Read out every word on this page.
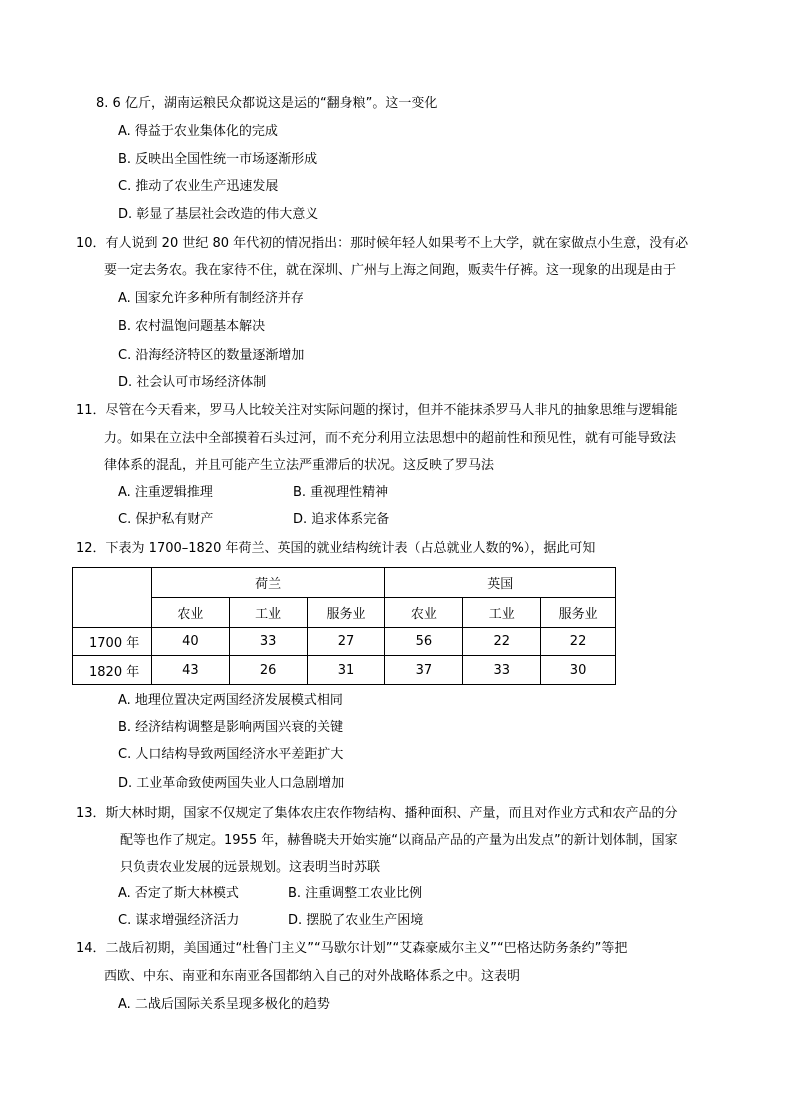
8. 6 亿斤，湖南运粮民众都说这是运的“翻身粮”。这一变化
A. 得益于农业集体化的完成
B. 反映出全国性统一市场逐渐形成
C. 推动了农业生产迅速发展
D. 彰显了基层社会改造的伟大意义
10．有人说到 20 世纪 80 年代初的情况指出：那时候年轻人如果考不上大学，就在家做点小生意，没有必
要一定去务农。我在家待不住，就在深圳、广州与上海之间跑，贩卖牛仔裤。这一现象的出现是由于
A. 国家允许多种所有制经济并存
B. 农村温饱问题基本解决
C. 沿海经济特区的数量逐渐增加
D. 社会认可市场经济体制
11．尽管在今天看来，罗马人比较关注对实际问题的探讨，但并不能抹杀罗马人非凡的抽象思维与逻辑能
力。如果在立法中全部摸着石头过河，而不充分利用立法思想中的超前性和预见性，就有可能导致法
律体系的混乱，并且可能产生立法严重滞后的状况。这反映了罗马法
A. 注重逻辑推理	B. 重视理性精神
C. 保护私有财产	D. 追求体系完备
12．下表为 1700–1820 年荷兰、英国的就业结构统计表（占总就业人数的%），据此可知
	荷兰			英国		
	农业	工业	服务业	农业	工业	服务业
1700 年	40	33	27	56	22	22
1820 年	43	26	31	37	33	30
A. 地理位置决定两国经济发展模式相同
B. 经济结构调整是影响两国兴衰的关键
C. 人口结构导致两国经济水平差距扩大
D. 工业革命致使两国失业人口急剧增加
13．斯大林时期，国家不仅规定了集体农庄农作物结构、播种面积、产量，而且对作业方式和农产品的分
配等也作了规定。1955 年，赫鲁晓夫开始实施“以商品产品的产量为出发点”的新计划体制，国家
只负责农业发展的远景规划。这表明当时苏联
A. 否定了斯大林模式	B. 注重调整工农业比例
C. 谋求增强经济活力	D. 摆脱了农业生产困境
14．二战后初期，美国通过“杜鲁门主义”“马歇尔计划”“艾森豪威尔主义”“巴格达防务条约”等把
西欧、中东、南亚和东南亚各国都纳入自己的对外战略体系之中。这表明
A. 二战后国际关系呈现多极化的趋势
